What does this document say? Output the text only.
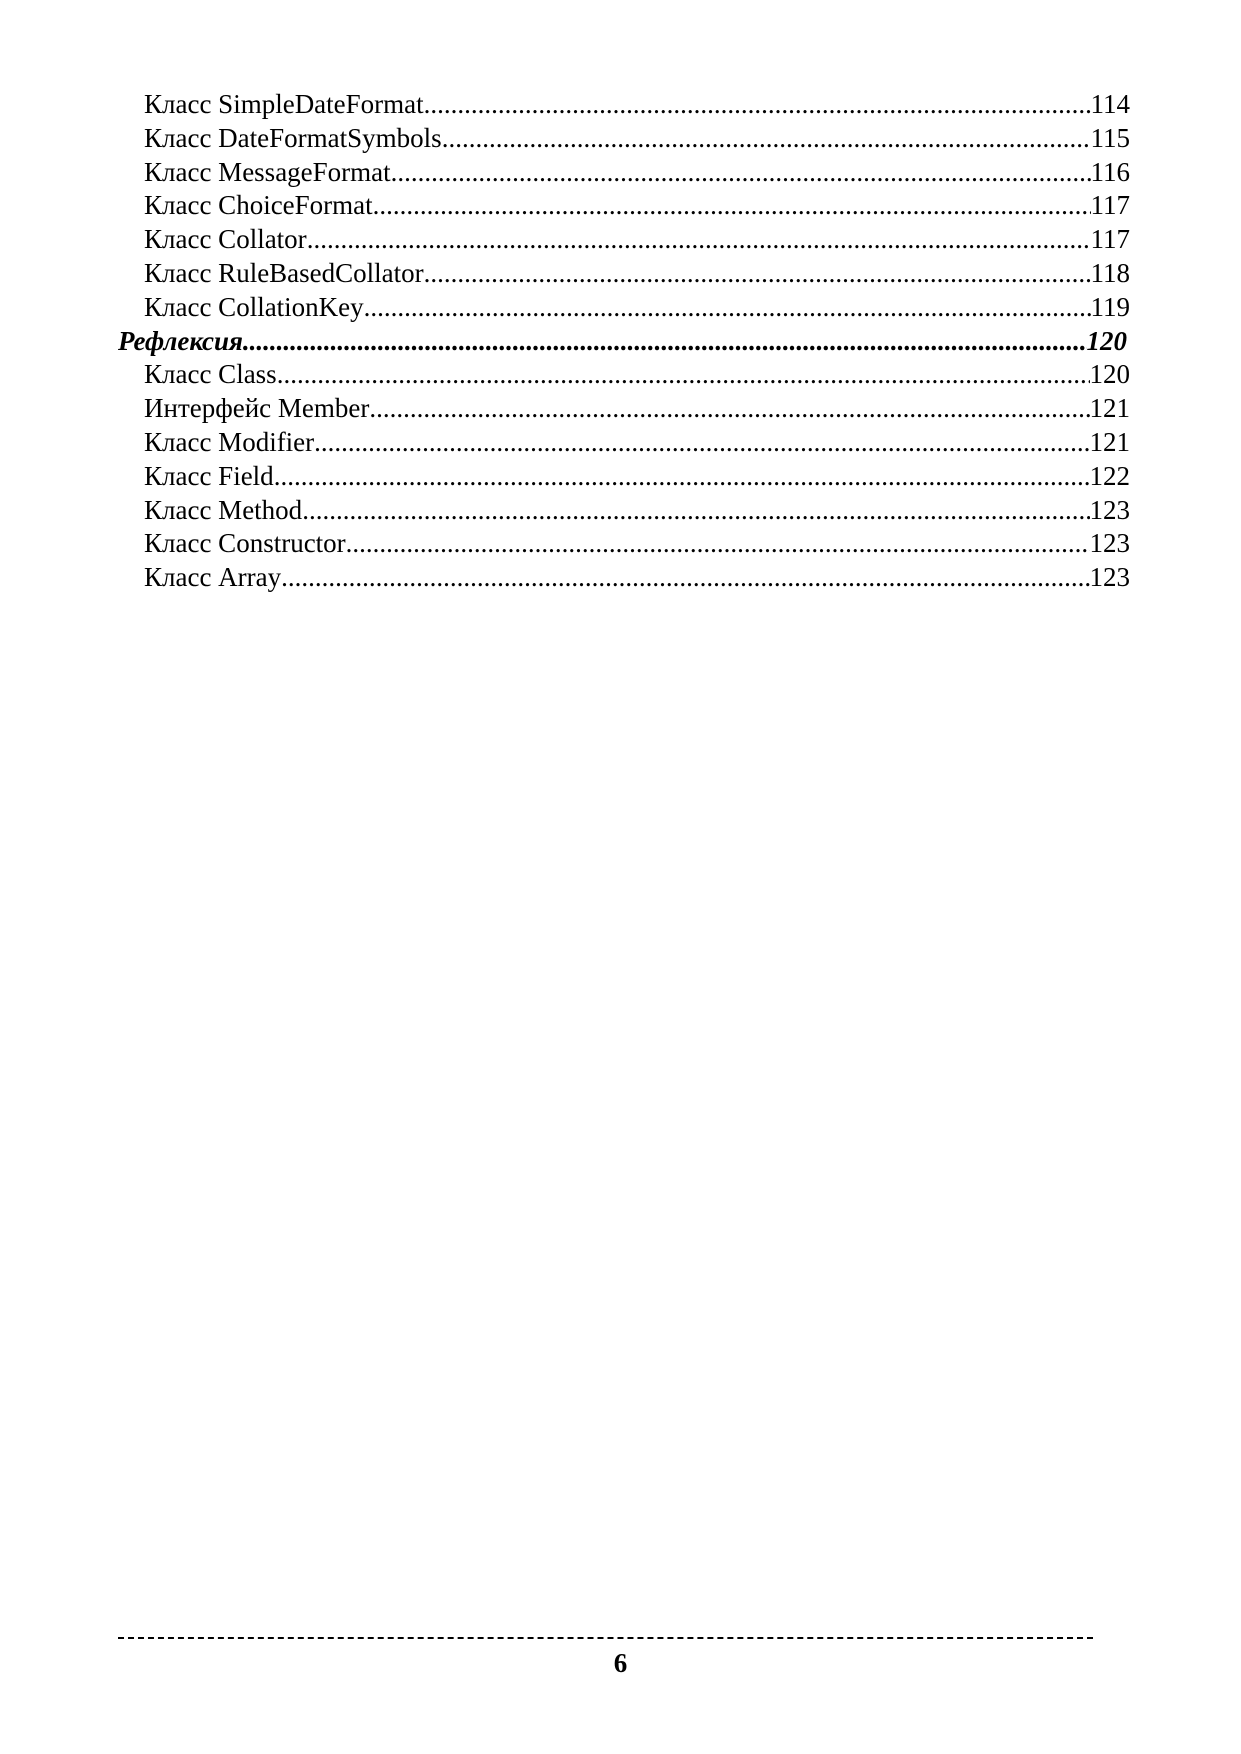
Класс SimpleDateFormat .....	114
Класс DateFormatSymbols .....	115
Класс MessageFormat .....	116
Класс ChoiceFormat .....	117
Класс Collator .....	117
Класс RuleBasedCollator .....	118
Класс CollationKey .....	119
Рефлексия .....	120
Класс Class .....	120
Интерфейс Member .....	121
Класс Modifier .....	121
Класс Field .....	122
Класс Method .....	123
Класс Constructor .....	123
Класс Array .....	123
6
